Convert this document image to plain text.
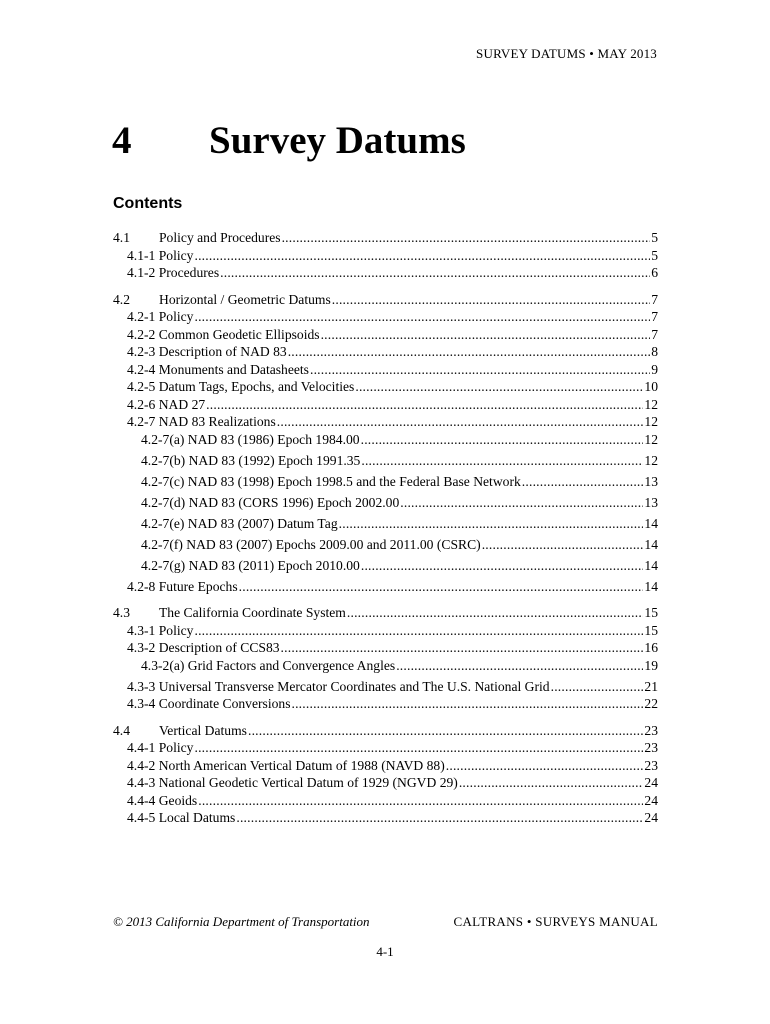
SURVEY DATUMS • MAY 2013
4 Survey Datums
Contents
4.1 Policy and Procedures .....	5
4.1-1 Policy .....	5
4.1-2 Procedures .....	6
4.2 Horizontal / Geometric Datums .....	7
4.2-1 Policy .....	7
4.2-2 Common Geodetic Ellipsoids .....	7
4.2-3 Description of NAD 83 .....	8
4.2-4 Monuments and Datasheets .....	9
4.2-5 Datum Tags, Epochs, and Velocities .....	10
4.2-6 NAD 27 .....	12
4.2-7 NAD 83 Realizations .....	12
4.2-7(a) NAD 83 (1986) Epoch 1984.00 .....	12
4.2-7(b) NAD 83 (1992) Epoch 1991.35 .....	12
4.2-7(c) NAD 83 (1998) Epoch 1998.5 and the Federal Base Network .....	13
4.2-7(d) NAD 83 (CORS 1996) Epoch 2002.00 .....	13
4.2-7(e) NAD 83 (2007) Datum Tag .....	14
4.2-7(f) NAD 83 (2007) Epochs 2009.00 and 2011.00 (CSRC) .....	14
4.2-7(g) NAD 83 (2011) Epoch 2010.00 .....	14
4.2-8 Future Epochs .....	14
4.3 The California Coordinate System .....	15
4.3-1 Policy .....	15
4.3-2 Description of CCS83 .....	16
4.3-2(a) Grid Factors and Convergence Angles .....	19
4.3-3 Universal Transverse Mercator Coordinates and The U.S. National Grid .....	21
4.3-4 Coordinate Conversions .....	22
4.4 Vertical Datums .....	23
4.4-1 Policy .....	23
4.4-2 North American Vertical Datum of 1988 (NAVD 88) .....	23
4.4-3 National Geodetic Vertical Datum of 1929 (NGVD 29) .....	24
4.4-4 Geoids .....	24
4.4-5 Local Datums .....	24
© 2013 California Department of Transportation	CALTRANS • SURVEYS MANUAL
4-1
